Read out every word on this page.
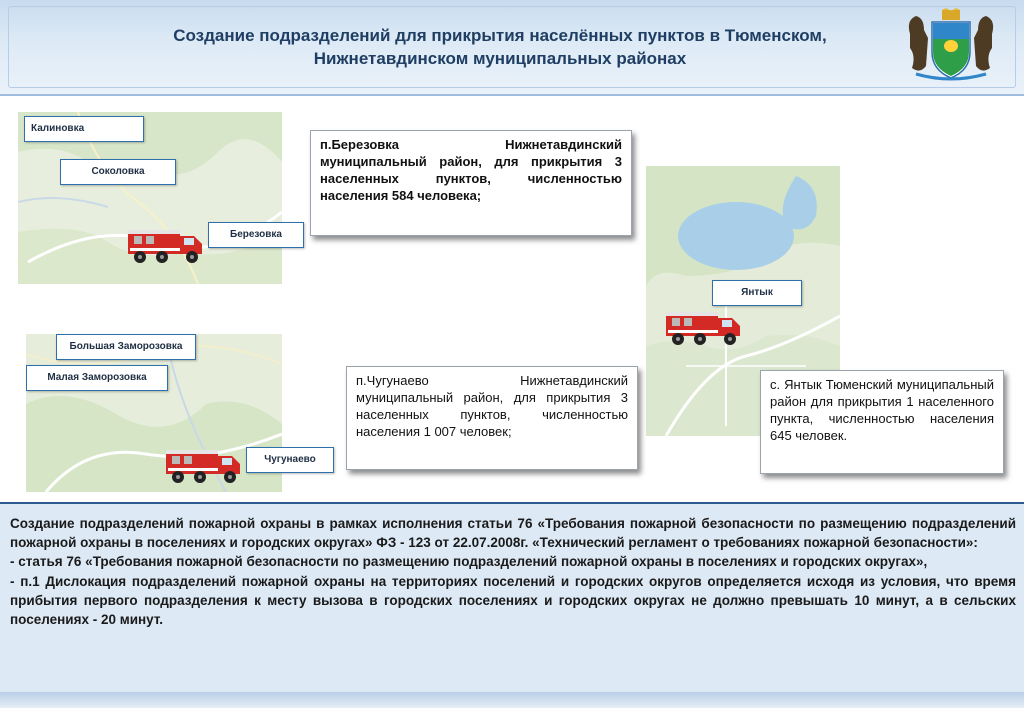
Создание подразделений для прикрытия населённых пунктов в Тюменском,
Нижнетавдинском муниципальных районах
Калиновка
Соколовка
Березовка
Большая Заморозовка
Малая Заморозовка
Чугунаево
Янтык
п.Березовка Нижнетавдинский муниципальный район, для прикрытия 3 населенных пунктов, численностью населения 584 человека;
п.Чугунаево Нижнетавдинский муниципальный район, для прикрытия 3 населенных пунктов, численностью населения 1 007 человек;
с. Янтык Тюменский муниципальный район для прикрытия 1 населенного пункта, численностью населения 645 человек.

Создание подразделений пожарной охраны в рамках исполнения статьи 76 «Требования пожарной безопасности по размещению подразделений пожарной охраны в поселениях и городских округах» ФЗ - 123 от 22.07.2008г. «Технический регламент о требованиях пожарной безопасности»:

- статья 76 «Требования пожарной безопасности по размещению подразделений пожарной охраны в поселениях и городских округах»,

- п.1 Дислокация подразделений пожарной охраны на территориях поселений и городских округов определяется исходя из условия, что время прибытия первого подразделения к месту вызова в городских поселениях и городских округах не должно превышать 10 минут, а в сельских поселениях - 20 минут.
